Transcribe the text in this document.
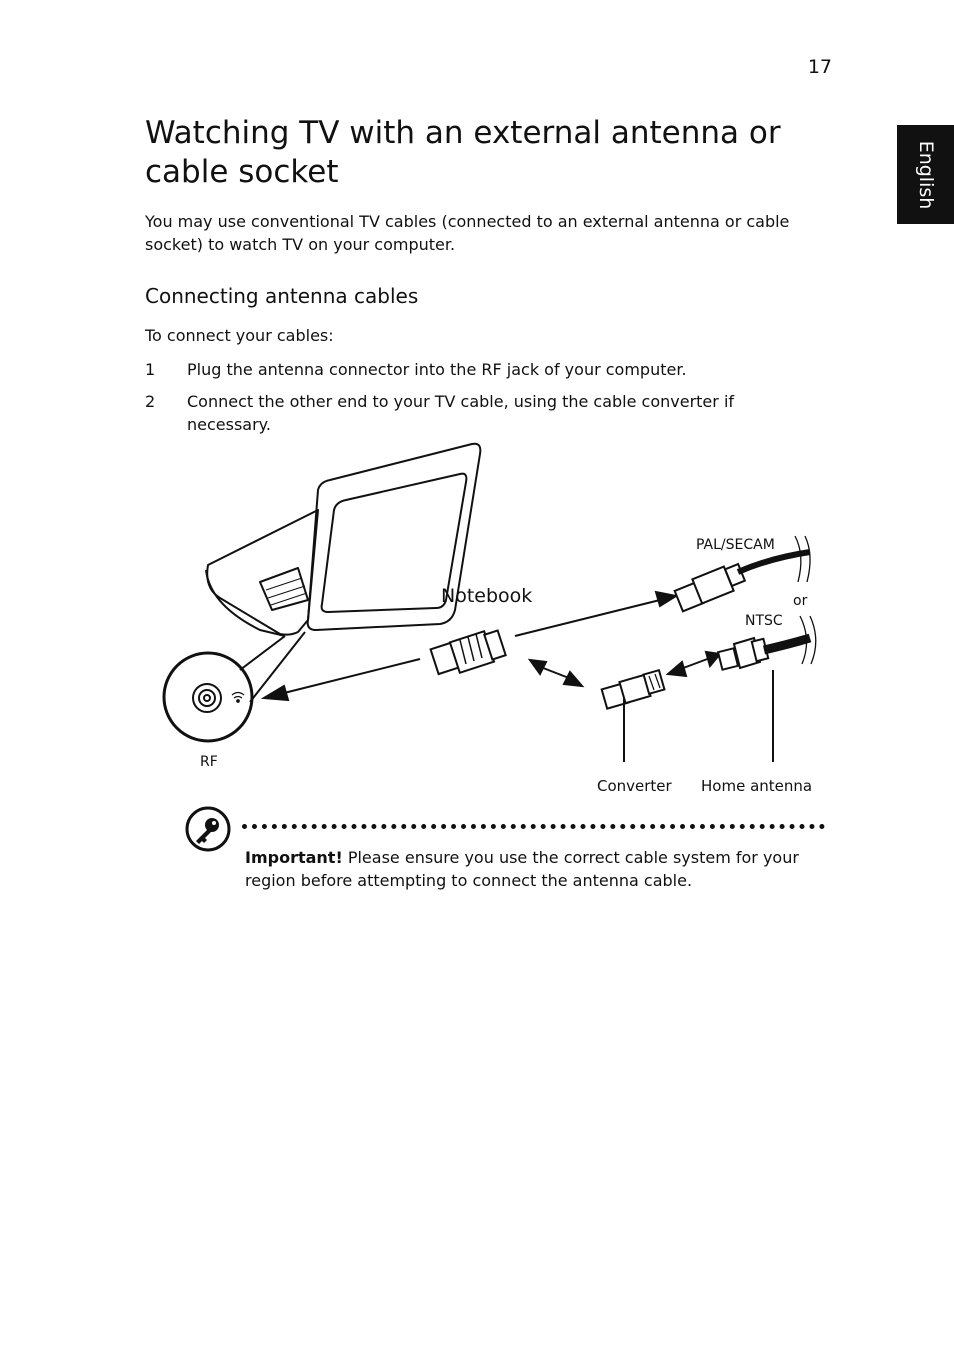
17
English
Watching TV with an external antenna or cable socket

You may use conventional TV cables (connected to an external antenna or cable socket) to watch TV on your computer.

Connecting antenna cables

To connect your cables:

1 Plug the antenna connector into the RF jack of your computer.
2 Connect the other end to your TV cable, using the cable converter if necessary.
Notebook
PAL/SECAM
or
NTSC
RF
Converter Home antenna

Important! Please ensure you use the correct cable system for your region before attempting to connect the antenna cable.
